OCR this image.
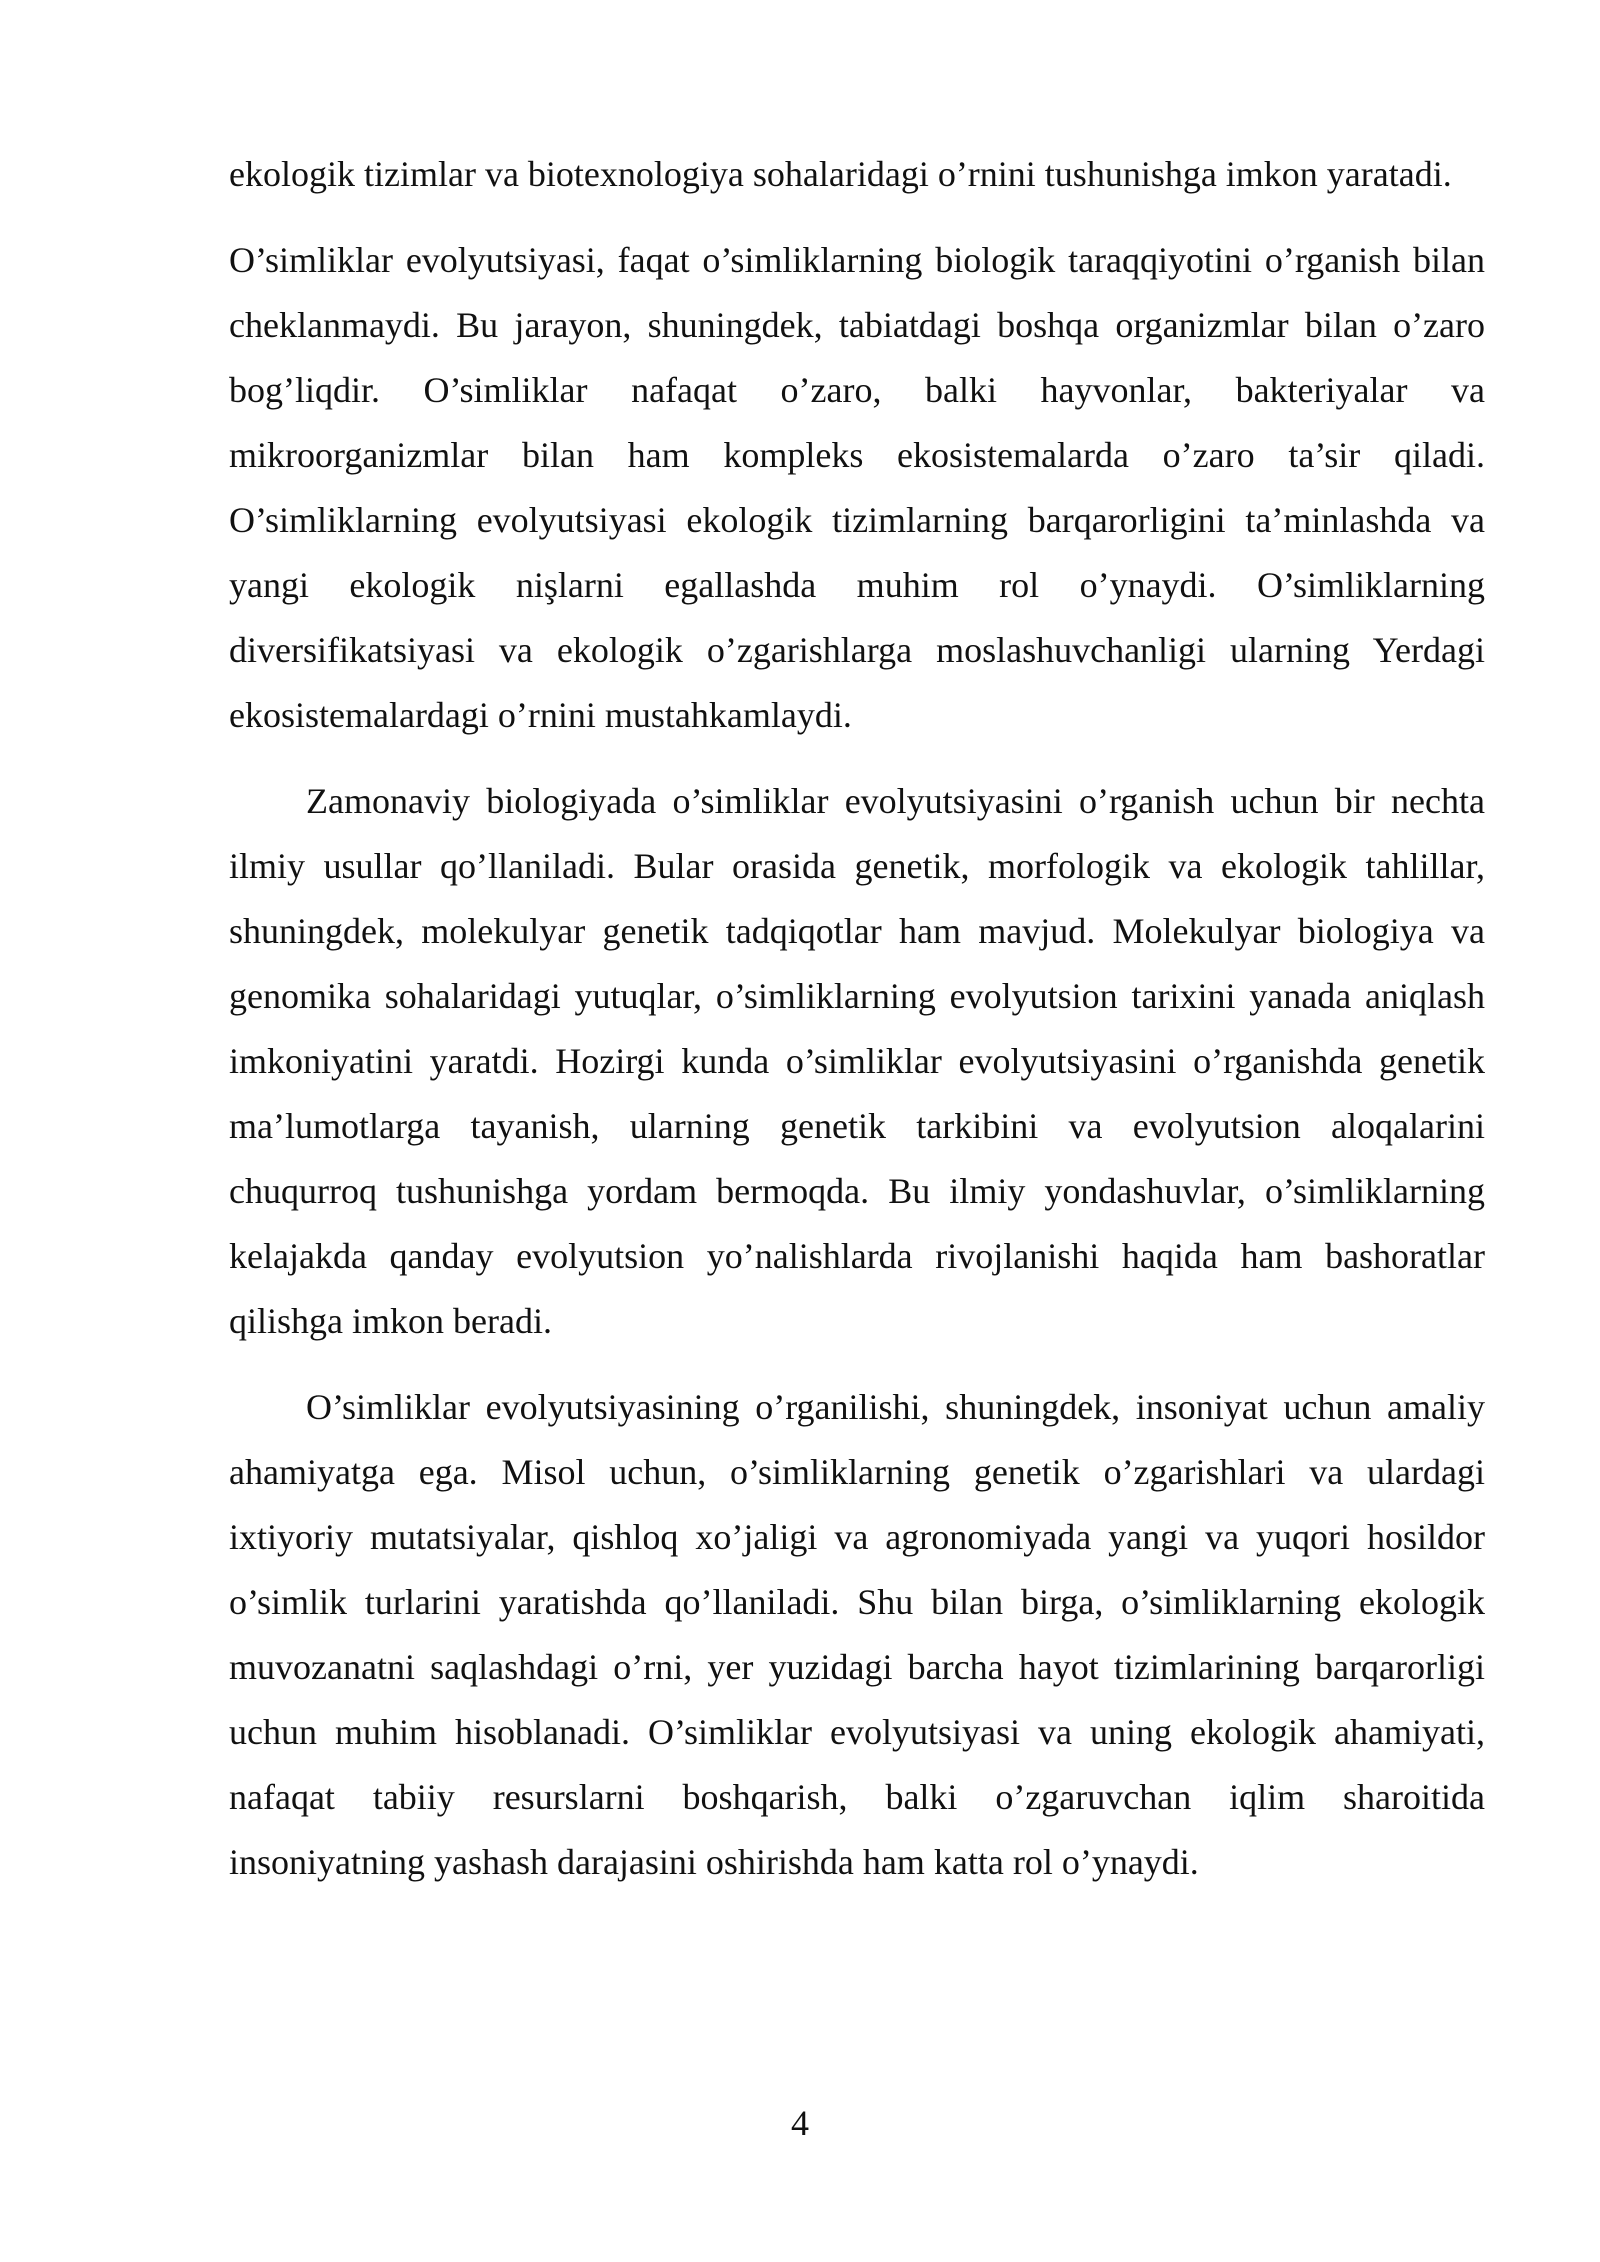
ekologik tizimlar va biotexnologiya sohalaridagi o’rnini tushunishga imkon yaratadi.

O’simliklar evolyutsiyasi, faqat o’simliklarning biologik taraqqiyotini o’rganish bilan cheklanmaydi. Bu jarayon, shuningdek, tabiatdagi boshqa organizmlar bilan o’zaro bog’liqdir. O’simliklar nafaqat o’zaro, balki hayvonlar, bakteriyalar va mikroorganizmlar bilan ham kompleks ekosistemalarda o’zaro ta’sir qiladi. O’simliklarning evolyutsiyasi ekologik tizimlarning barqarorligini ta’minlashda va yangi ekologik nişlarni egallashda muhim rol o’ynaydi. O’simliklarning diversifikatsiyasi va ekologik o’zgarishlarga moslashuvchanligi ularning Yerdagi ekosistemalardagi o’rnini mustahkamlaydi.

Zamonaviy biologiyada o’simliklar evolyutsiyasini o’rganish uchun bir nechta ilmiy usullar qo’llaniladi. Bular orasida genetik, morfologik va ekologik tahlillar, shuningdek, molekulyar genetik tadqiqotlar ham mavjud. Molekulyar biologiya va genomika sohalaridagi yutuqlar, o’simliklarning evolyutsion tarixini yanada aniqlash imkoniyatini yaratdi. Hozirgi kunda o’simliklar evolyutsiyasini o’rganishda genetik ma’lumotlarga tayanish, ularning genetik tarkibini va evolyutsion aloqalarini chuqurroq tushunishga yordam bermoqda. Bu ilmiy yondashuvlar, o’simliklarning kelajakda qanday evolyutsion yo’nalishlarda rivojlanishi haqida ham bashoratlar qilishga imkon beradi.

O’simliklar evolyutsiyasining o’rganilishi, shuningdek, insoniyat uchun amaliy ahamiyatga ega. Misol uchun, o’simliklarning genetik o’zgarishlari va ulardagi ixtiyoriy mutatsiyalar, qishloq xo’jaligi va agronomiyada yangi va yuqori hosildor o’simlik turlarini yaratishda qo’llaniladi. Shu bilan birga, o’simliklarning ekologik muvozanatni saqlashdagi o’rni, yer yuzidagi barcha hayot tizimlarining barqarorligi uchun muhim hisoblanadi. O’simliklar evolyutsiyasi va uning ekologik ahamiyati, nafaqat tabiiy resurslarni boshqarish, balki o’zgaruvchan iqlim sharoitida insoniyatning yashash darajasini oshirishda ham katta rol o’ynaydi.

4
